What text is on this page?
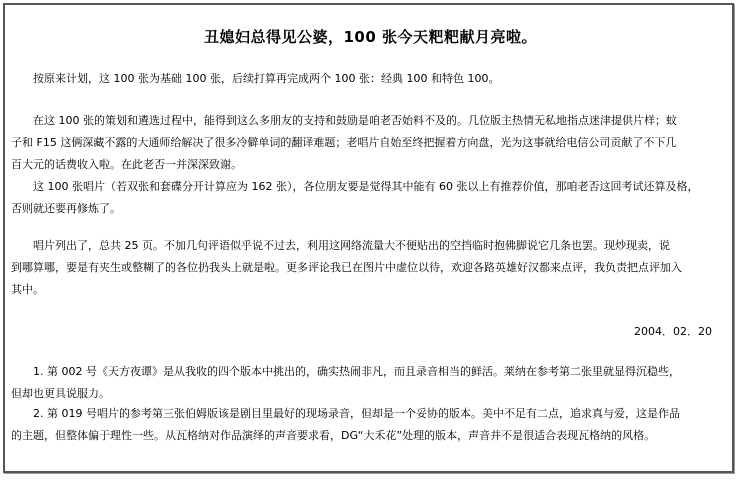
丑媳妇总得见公婆，100 张今天粑粑献月亮啦。
　　按原来计划，这 100 张为基础 100 张，后续打算再完成两个 100 张：经典 100 和特色 100。
　　在这 100 张的策划和遴选过程中，能得到这么多朋友的支持和鼓励是咱老否始料不及的。几位版主热情无私地指点迷津提供片样；蚊
子和 F15 这俩深藏不露的大通师给解决了很多冷僻单词的翻译难题；老唱片自始至终把握着方向盘，光为这事就给电信公司贡献了不下几
百大元的话费收入啦。在此老否一并深深致谢。
　　这 100 张唱片（若双张和套碟分开计算应为 162 张），各位朋友要是觉得其中能有 60 张以上有推荐价值，那咱老否这回考试还算及格，
否则就还要再修炼了。
　　唱片列出了，总共 25 页。不加几句评语似乎说不过去，利用这网络流量大不便贴出的空挡临时抱佛脚说它几条也罢。现炒现卖，说
到哪算哪，要是有夹生或整糊了的各位扔我头上就是啦。更多评论我已在图片中虚位以待，欢迎各路英雄好汉都来点评，我负责把点评加入
其中。
2004．02．20
　　1. 第 002 号《天方夜谭》是从我收的四个版本中挑出的，确实热闹非凡，而且录音相当的鲜活。莱纳在参考第二张里就显得沉稳些，
但却也更具说服力。
　　2. 第 019 号唱片的参考第三张伯姆版该是剧目里最好的现场录音，但却是一个妥协的版本。美中不足有二点，追求真与爱，这是作品
的主题，但整体偏于理性一些。从瓦格纳对作品演绎的声音要求看，DG“大禾花”处理的版本，声音并不是很适合表现瓦格纳的风格。
